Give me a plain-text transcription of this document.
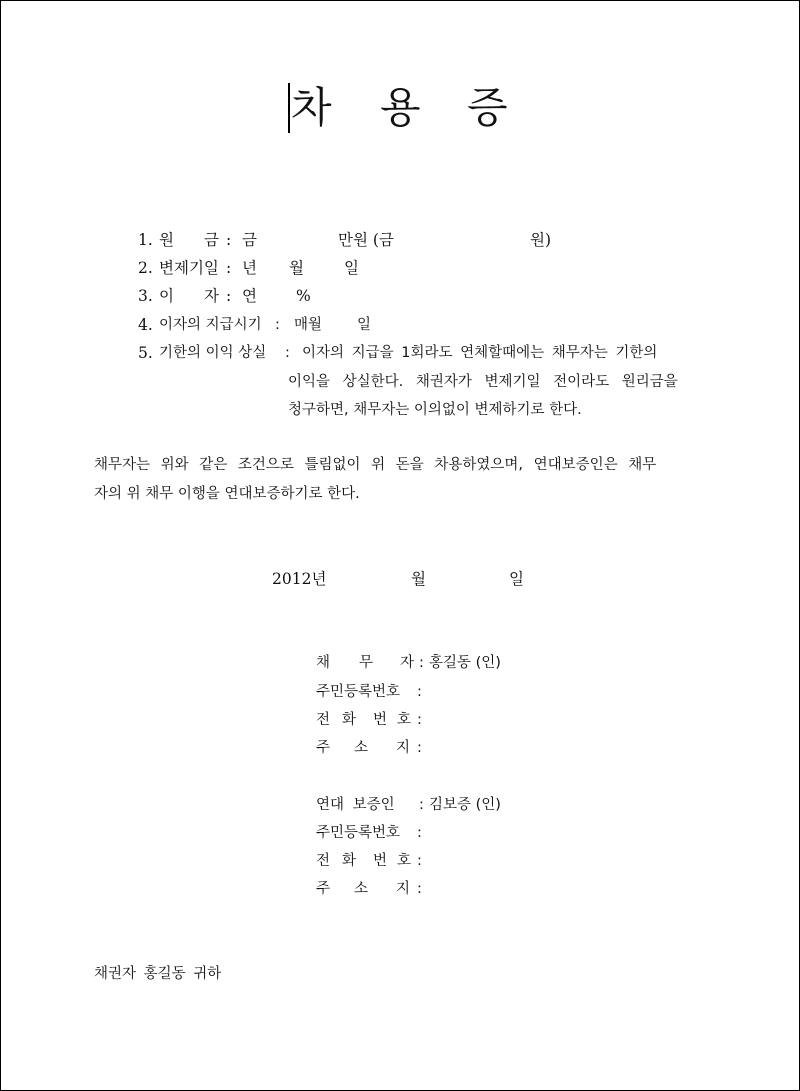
차 용 증
1. 원 금 : 금	만원 (금	원)
2. 변제기일 : 년 월	일
3. 이 자 : 연	%
4. 이자의 지급시기 : 매월 일
5. 기한의 이익 상실 : 이자의 지급을 1회라도 연체할때에는 채무자는 기한의
이익을 상실한다. 채권자가 변제기일 전이라도 원리금을
청구하면, 채무자는 이의없이 변제하기로 한다.
채무자는 위와 같은 조건으로 틀림없이 위 돈을 차용하였으며, 연대보증인은 채무
자의 위 채무 이행을 연대보증하기로 한다.
2012년	월	일
채 무 자 : 홍길동 (인)
주민등록번호 :
전 화 번 호 :
주 소 지 :
연대 보증인 : 김보증 (인)
주민등록번호 :
전 화 번 호 :
주 소 지 :
채권자 홍길동 귀하
